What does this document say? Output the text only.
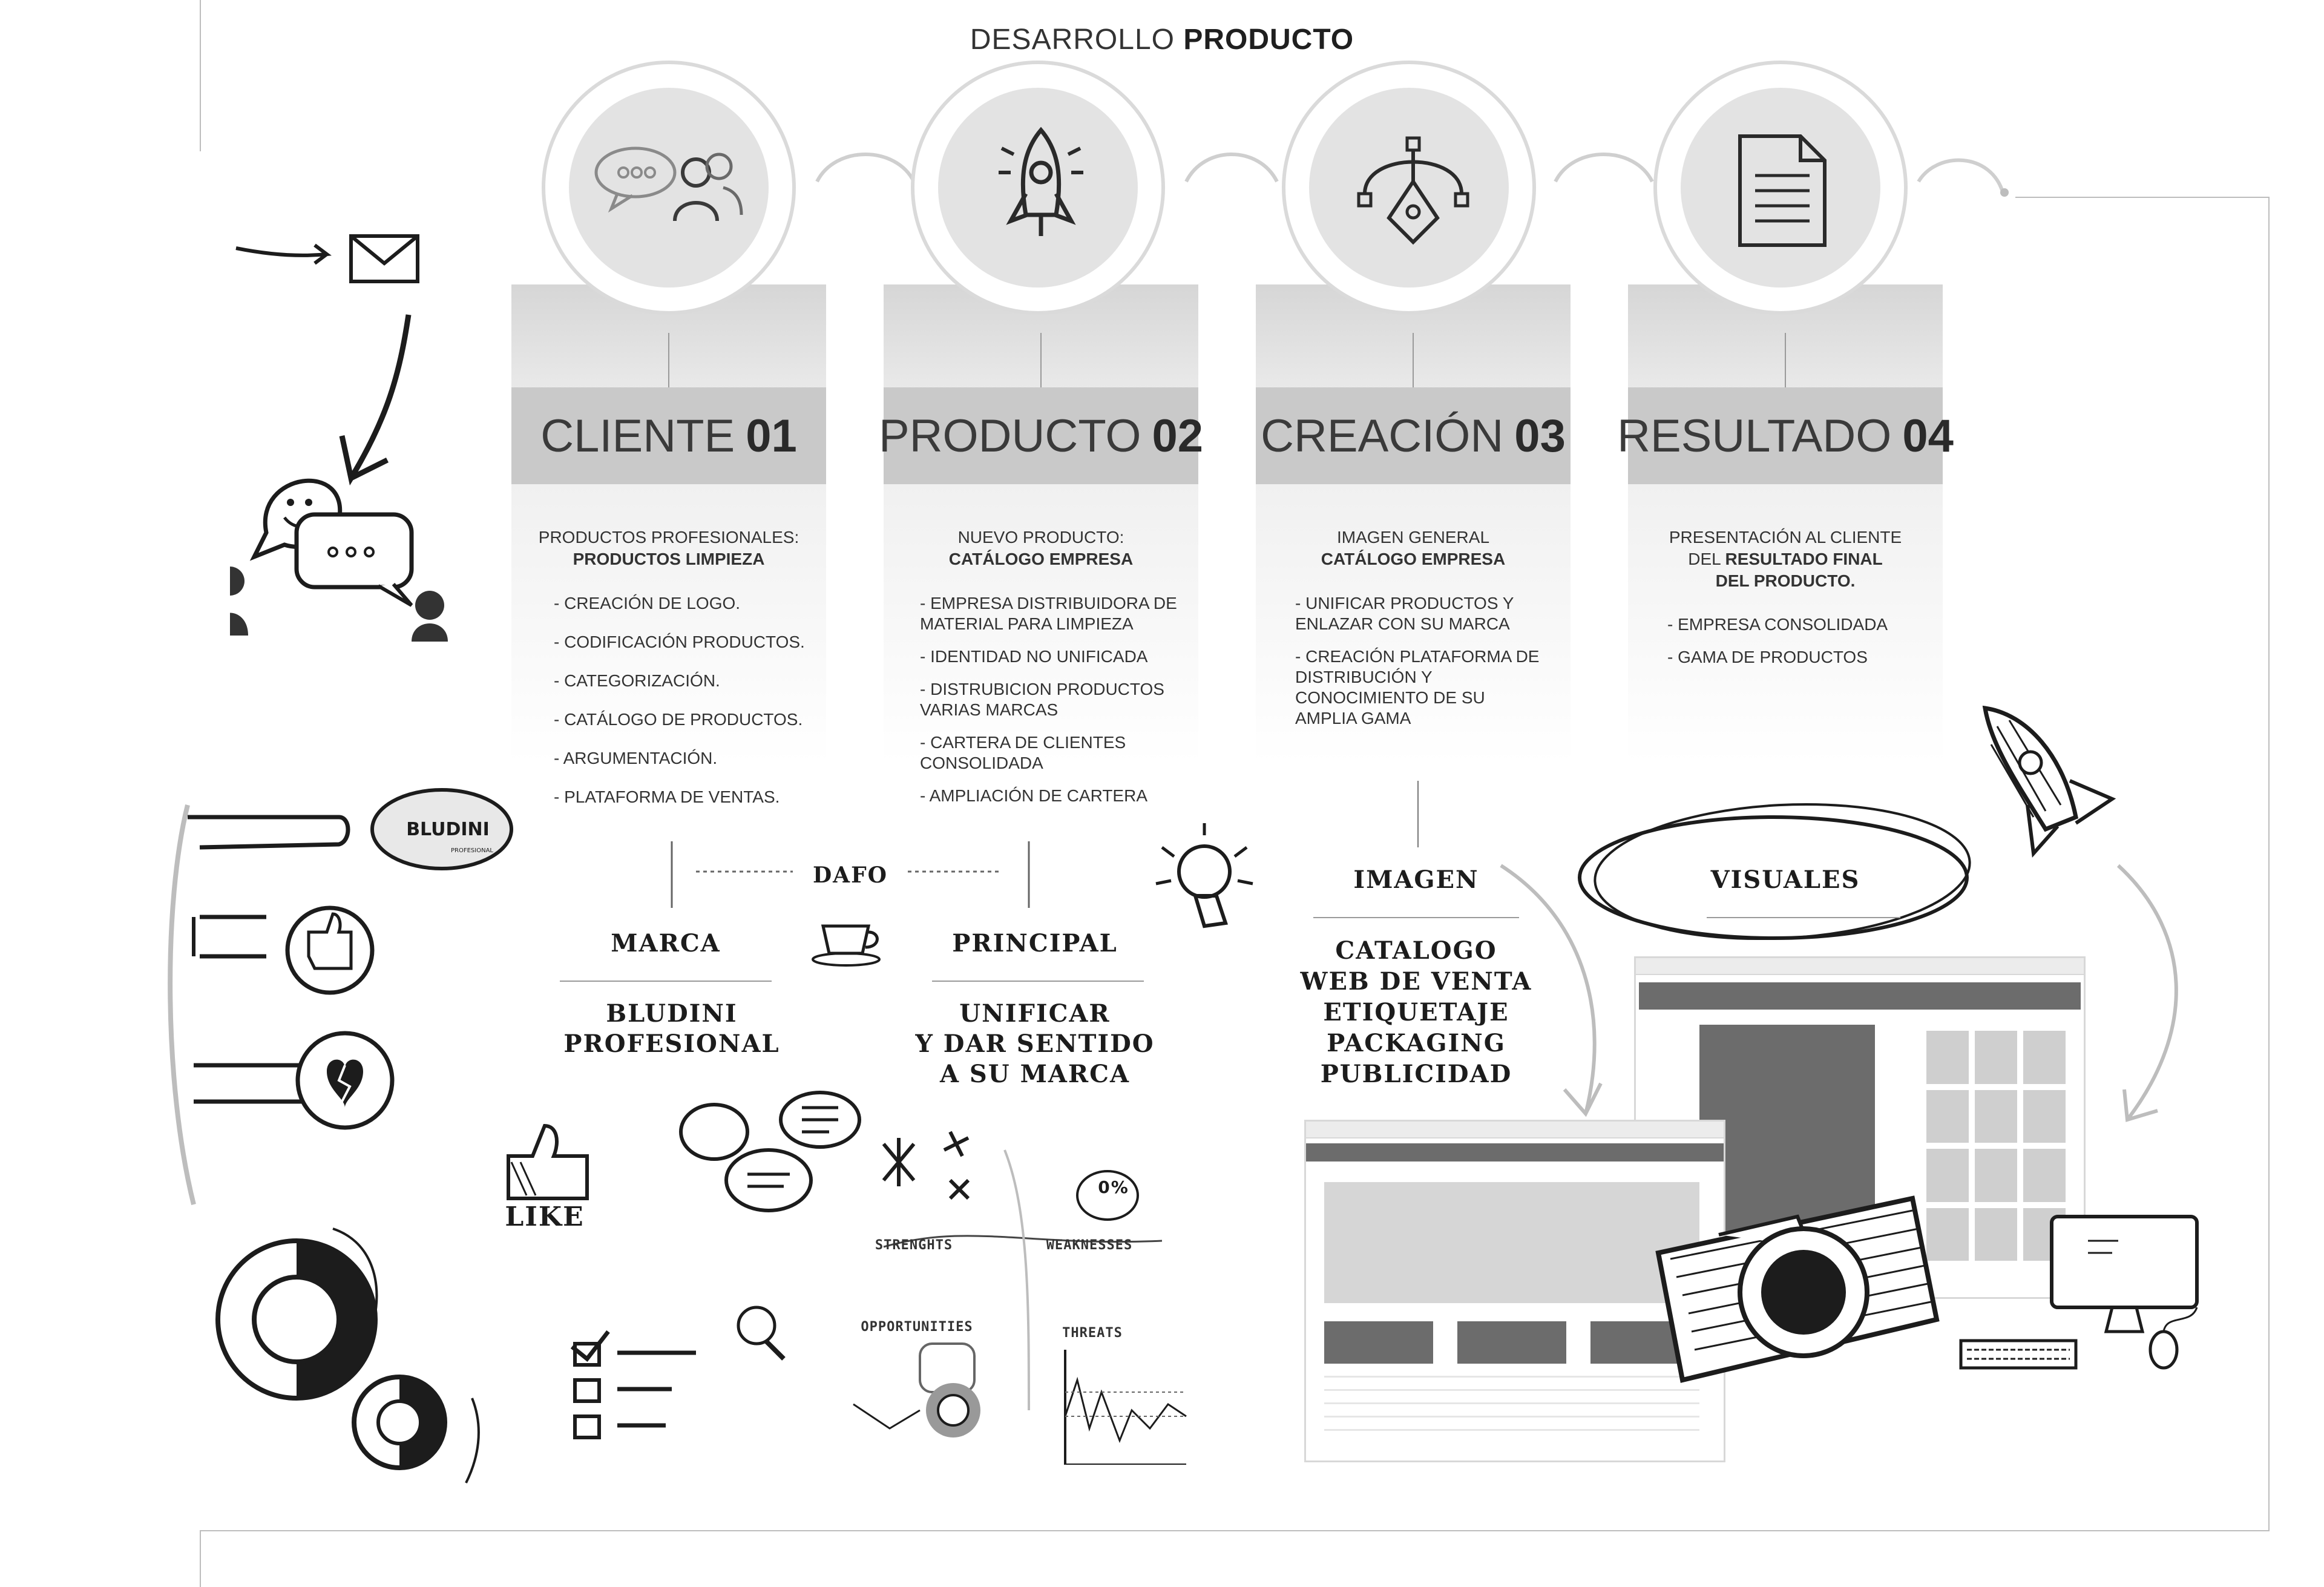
DESARROLLO PRODUCTO
CLIENTE 01
PRODUCTOS PROFESIONALES:
PRODUCTOS LIMPIEZA
- CREACIÓN DE LOGO.
- CODIFICACIÓN PRODUCTOS.
- CATEGORIZACIÓN.
- CATÁLOGO DE PRODUCTOS.
- ARGUMENTACIÓN.
- PLATAFORMA DE VENTAS.
PRODUCTO 02
NUEVO PRODUCTO:
CATÁLOGO EMPRESA
- EMPRESA DISTRIBUIDORA DE MATERIAL PARA LIMPIEZA
- IDENTIDAD NO UNIFICADA
- DISTRUBICION PRODUCTOS VARIAS MARCAS
- CARTERA DE CLIENTES CONSOLIDADA
- AMPLIACIÓN DE CARTERA
CREACIÓN 03
IMAGEN GENERAL
CATÁLOGO EMPRESA
- UNIFICAR PRODUCTOS Y ENLAZAR CON SU MARCA
- CREACIÓN PLATAFORMA DE DISTRIBUCIÓN Y CONOCIMIENTO DE SU AMPLIA GAMA
RESULTADO 04
PRESENTACIÓN AL CLIENTE
DEL RESULTADO FINAL
DEL PRODUCTO.
- EMPRESA CONSOLIDADA
- GAMA DE PRODUCTOS
BLUDINI
PROFESIONAL
DAFO
MARCA
BLUDINI
PROFESIONAL
PRINCIPAL
UNIFICAR
Y DAR SENTIDO
A SU MARCA
LIKE
STRENGHTS	WEAKNESSES
OPPORTUNITIES	THREATS
0%
IMAGEN
CATALOGO
WEB DE VENTA
ETIQUETAJE
PACKAGING
PUBLICIDAD
VISUALES
